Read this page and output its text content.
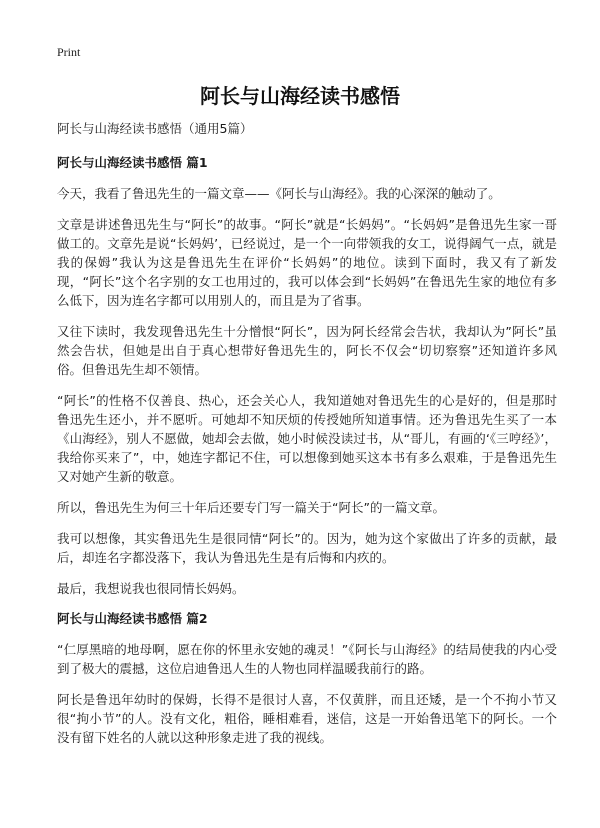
Print
阿长与山海经读书感悟

阿长与山海经读书感悟（通用5篇）

阿长与山海经读书感悟 篇1

今天，我看了鲁迅先生的一篇文章——《阿长与山海经》。我的心深深的触动了。

文章是讲述鲁迅先生与“阿长”的故事。“阿长”就是“长妈妈”。“长妈妈”是鲁迅先生家一哥做工的。文章先是说“长妈妈’，已经说过，是一个一向带领我的女工，说得阔气一点，就是我的保姆”我认为这是鲁迅先生在评价“长妈妈”的地位。读到下面时，我又有了新发现，“阿长”这个名字别的女工也用过的，我可以体会到“长妈妈”在鲁迅先生家的地位有多么低下，因为连名字都可以用别人的，而且是为了省事。

又往下读时，我发现鲁迅先生十分憎恨“阿长”，因为阿长经常会告状，我却认为”阿长”虽然会告状，但她是出自于真心想带好鲁迅先生的，阿长不仅会“切切察察”还知道许多风俗。但鲁迅先生却不领情。

“阿长”的性格不仅善良、热心，还会关心人，我知道她对鲁迅先生的心是好的，但是那时鲁迅先生还小，并不愿听。可她却不知厌烦的传授她所知道事情。还为鲁迅先生买了一本《山海经》，别人不愿做，她却会去做，她小时候没读过书，从“哥儿，有画的‘《三哼经》’，我给你买来了”，中，她连字都记不住，可以想像到她买这本书有多么艰难，于是鲁迅先生又对她产生新的敬意。

所以，鲁迅先生为何三十年后还要专门写一篇关于“阿长”的一篇文章。

我可以想像，其实鲁迅先生是很同情“阿长”的。因为，她为这个家做出了许多的贡献，最后，却连名字都没落下，我认为鲁迅先生是有后悔和内疚的。

最后，我想说我也很同情长妈妈。

阿长与山海经读书感悟 篇2

“仁厚黑暗的地母啊，愿在你的怀里永安她的魂灵！”《阿长与山海经》的结局使我的内心受到了极大的震撼，这位启迪鲁迅人生的人物也同样温暖我前行的路。

阿长是鲁迅年幼时的保姆，长得不是很讨人喜，不仅黄胖，而且还矮，是一个不拘小节又很“拘小节”的人。没有文化，粗俗，睡相难看，迷信，这是一开始鲁迅笔下的阿长。一个没有留下姓名的人就以这种形象走进了我的视线。
